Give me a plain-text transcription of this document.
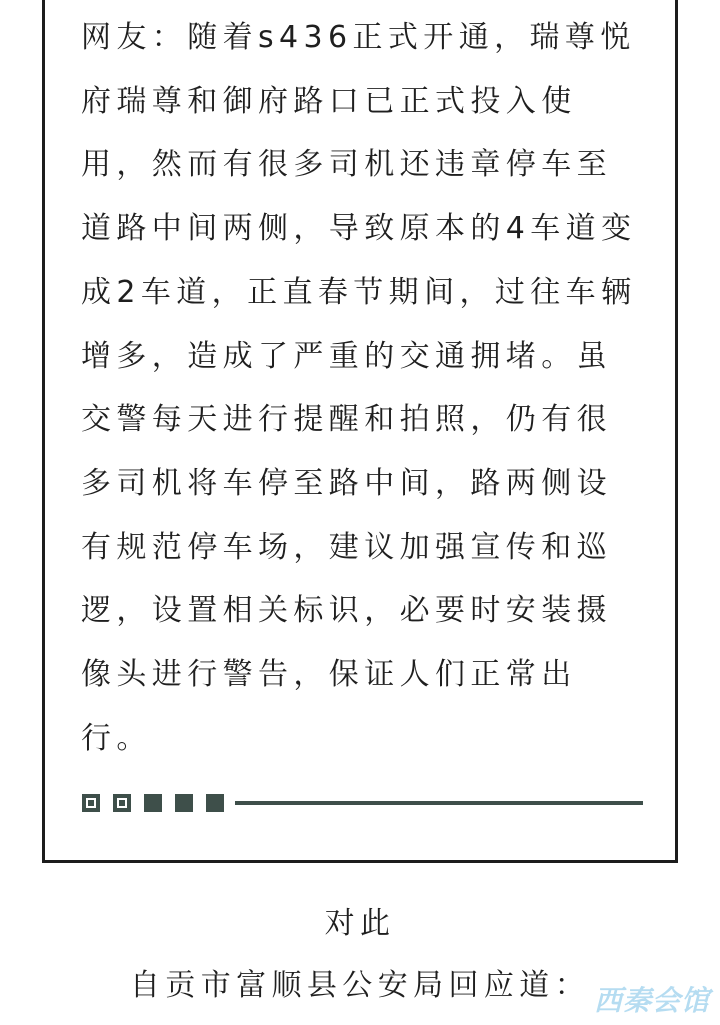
网友：随着s436正式开通，瑞尊悦府瑞尊和御府路口已正式投入使用，然而有很多司机还违章停车至道路中间两侧，导致原本的4车道变成2车道，正直春节期间，过往车辆增多，造成了严重的交通拥堵。虽交警每天进行提醒和拍照，仍有很多司机将车停至路中间，路两侧设有规范停车场，建议加强宣传和巡逻，设置相关标识，必要时安装摄像头进行警告，保证人们正常出行。

对此
自贡市富顺县公安局回应道： 西秦会馆
